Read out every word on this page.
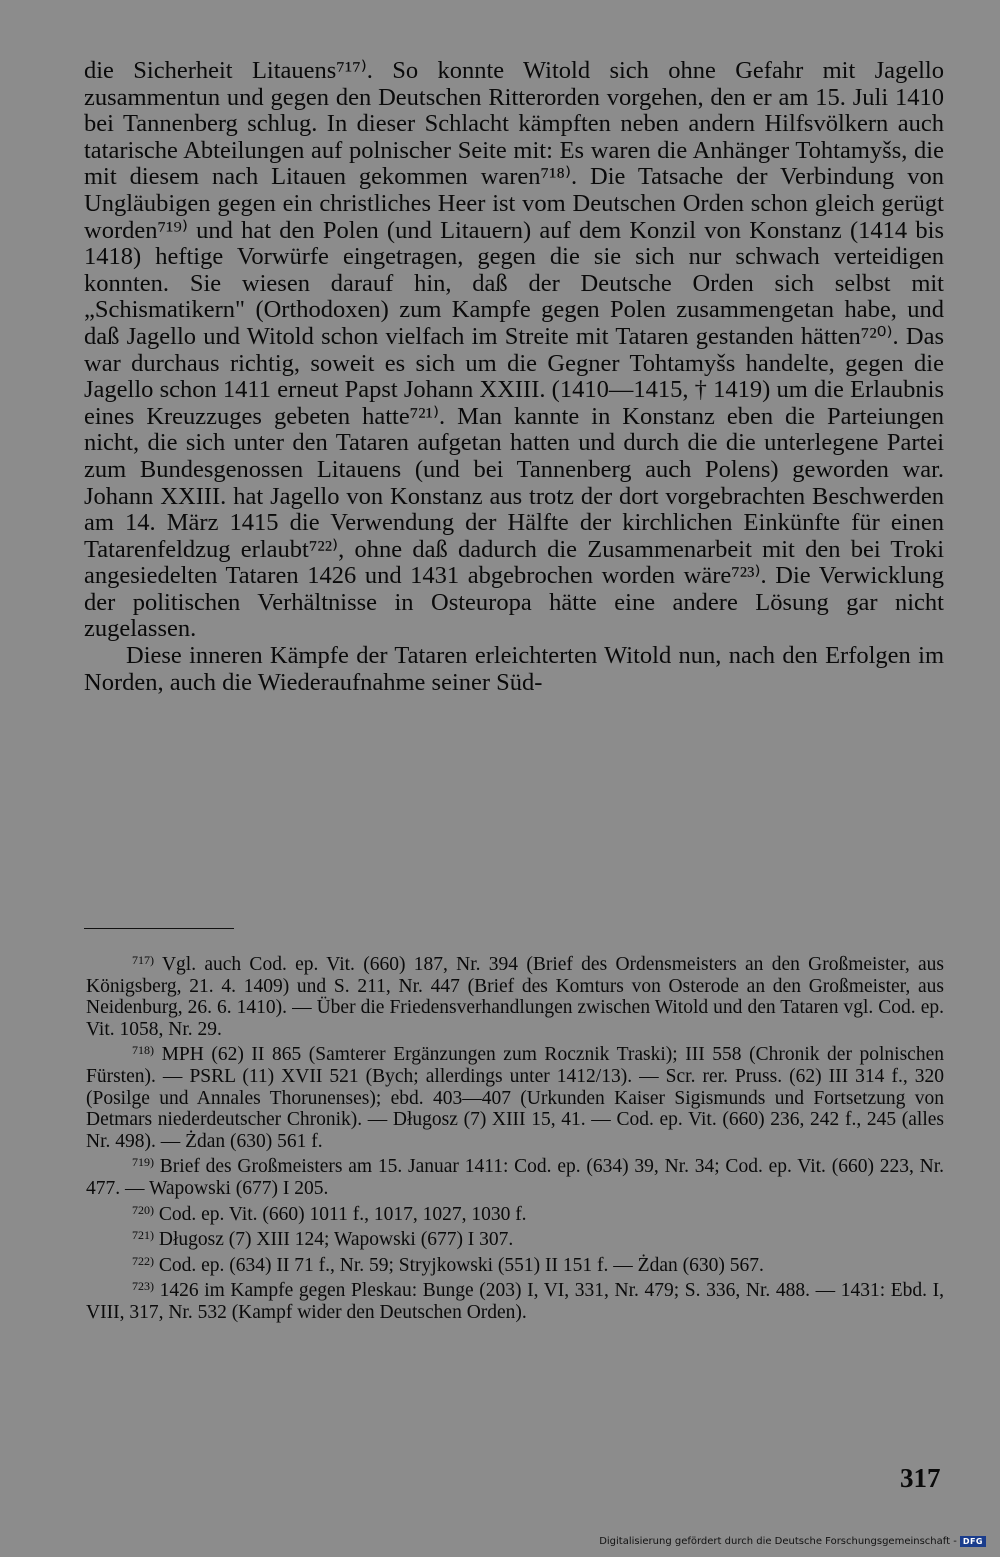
die Sicherheit Litauens⁷¹⁷⁾. So konnte Witold sich ohne Gefahr mit Jagello zusammentun und gegen den Deutschen Ritterorden vorgehen, den er am 15. Juli 1410 bei Tannenberg schlug. In dieser Schlacht kämpften neben andern Hilfsvölkern auch tatarische Abteilungen auf polnischer Seite mit: Es waren die Anhänger Tohtamyšs, die mit diesem nach Litauen gekommen waren⁷¹⁸⁾. Die Tatsache der Verbindung von Ungläubigen gegen ein christliches Heer ist vom Deutschen Orden schon gleich gerügt worden⁷¹⁹⁾ und hat den Polen (und Litauern) auf dem Konzil von Konstanz (1414 bis 1418) heftige Vorwürfe eingetragen, gegen die sie sich nur schwach verteidigen konnten. Sie wiesen darauf hin, daß der Deutsche Orden sich selbst mit „Schismatikern" (Orthodoxen) zum Kampfe gegen Polen zusammengetan habe, und daß Jagello und Witold schon vielfach im Streite mit Tataren gestanden hätten⁷²⁰⁾. Das war durchaus richtig, soweit es sich um die Gegner Tohtamyšs handelte, gegen die Jagello schon 1411 erneut Papst Johann XXIII. (1410—1415, † 1419) um die Erlaubnis eines Kreuzzuges gebeten hatte⁷²¹⁾. Man kannte in Konstanz eben die Parteiungen nicht, die sich unter den Tataren aufgetan hatten und durch die die unterlegene Partei zum Bundesgenossen Litauens (und bei Tannenberg auch Polens) geworden war. Johann XXIII. hat Jagello von Konstanz aus trotz der dort vorgebrachten Beschwerden am 14. März 1415 die Verwendung der Hälfte der kirchlichen Einkünfte für einen Tatarenfeldzug erlaubt⁷²²⁾, ohne daß dadurch die Zusammenarbeit mit den bei Troki angesiedelten Tataren 1426 und 1431 abgebrochen worden wäre⁷²³⁾. Die Verwicklung der politischen Verhältnisse in Osteuropa hätte eine andere Lösung gar nicht zugelassen.

Diese inneren Kämpfe der Tataren erleichterten Witold nun, nach den Erfolgen im Norden, auch die Wiederaufnahme seiner Süd-

$^{717)}$ Vgl. auch Cod. ep. Vit. (660) 187, Nr. 394 (Brief des Ordensmeisters an den Großmeister, aus Königsberg, 21. 4. 1409) und S. 211, Nr. 447 (Brief des Komturs von Osterode an den Großmeister, aus Neidenburg, 26. 6. 1410). — Über die Friedensverhandlungen zwischen Witold und den Tataren vgl. Cod. ep. Vit. 1058, Nr. 29.

$^{718)}$ MPH (62) II 865 (Samterer Ergänzungen zum Rocznik Traski); III 558 (Chronik der polnischen Fürsten). — PSRL (11) XVII 521 (Bych; allerdings unter 1412/13). — Scr. rer. Pruss. (62) III 314 f., 320 (Posilge und Annales Thorunenses); ebd. 403—407 (Urkunden Kaiser Sigismunds und Fortsetzung von Detmars niederdeutscher Chronik). — Długosz (7) XIII 15, 41. — Cod. ep. Vit. (660) 236, 242 f., 245 (alles Nr. 498). — Żdan (630) 561 f.

$^{719)}$ Brief des Großmeisters am 15. Januar 1411: Cod. ep. (634) 39, Nr. 34; Cod. ep. Vit. (660) 223, Nr. 477. — Wapowski (677) I 205.

$^{720)}$ Cod. ep. Vit. (660) 1011 f., 1017, 1027, 1030 f.

$^{721)}$ Długosz (7) XIII 124; Wapowski (677) I 307.

$^{722)}$ Cod. ep. (634) II 71 f., Nr. 59; Stryjkowski (551) II 151 f. — Żdan (630) 567.

$^{723)}$ 1426 im Kampfe gegen Pleskau: Bunge (203) I, VI, 331, Nr. 479; S. 336, Nr. 488. — 1431: Ebd. I, VIII, 317, Nr. 532 (Kampf wider den Deutschen Orden).

317
Digitalisierung gefördert durch die Deutsche Forschungsgemeinschaft - DFG
